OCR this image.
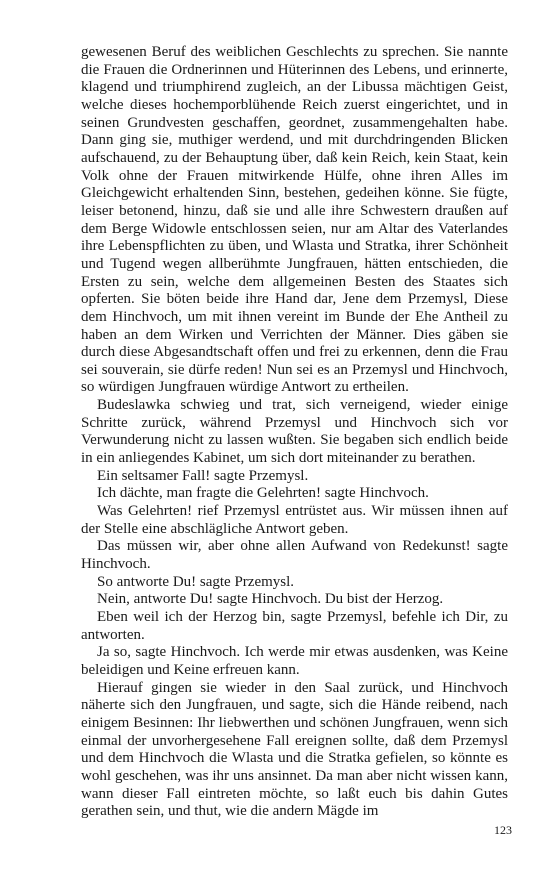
gewesenen Beruf des weiblichen Geschlechts zu sprechen. Sie nannte die Frauen die Ordnerinnen und Hüterinnen des Lebens, und erinnerte, klagend und triumphirend zugleich, an der Libussa mächtigen Geist, welche dieses hochemporblühende Reich zuerst eingerichtet, und in seinen Grundvesten geschaffen, geordnet, zusammengehalten habe. Dann ging sie, muthiger werdend, und mit durchdringenden Blicken aufschauend, zu der Behauptung über, daß kein Reich, kein Staat, kein Volk ohne der Frauen mitwirkende Hülfe, ohne ihren Alles im Gleichgewicht erhaltenden Sinn, bestehen, gedeihen könne. Sie fügte, leiser betonend, hinzu, daß sie und alle ihre Schwestern draußen auf dem Berge Widowle entschlossen seien, nur am Altar des Vaterlandes ihre Lebenspflichten zu üben, und Wlasta und Stratka, ihrer Schönheit und Tugend wegen allberühmte Jungfrauen, hätten entschieden, die Ersten zu sein, welche dem allgemeinen Besten des Staates sich opferten. Sie böten beide ihre Hand dar, Jene dem Przemysl, Diese dem Hinchvoch, um mit ihnen vereint im Bunde der Ehe Antheil zu haben an dem Wirken und Verrichten der Männer. Dies gäben sie durch diese Abgesandtschaft offen und frei zu erkennen, denn die Frau sei souverain, sie dürfe reden! Nun sei es an Przemysl und Hinchvoch, so würdigen Jungfrauen würdige Antwort zu ertheilen.

Budeslawka schwieg und trat, sich verneigend, wieder einige Schritte zurück, während Przemysl und Hinchvoch sich vor Verwunderung nicht zu lassen wußten. Sie begaben sich endlich beide in ein anliegendes Kabinet, um sich dort miteinander zu berathen.

Ein seltsamer Fall! sagte Przemysl.

Ich dächte, man fragte die Gelehrten! sagte Hinchvoch.

Was Gelehrten! rief Przemysl entrüstet aus. Wir müssen ihnen auf der Stelle eine abschlägliche Antwort geben.

Das müssen wir, aber ohne allen Aufwand von Redekunst! sagte Hinchvoch.

So antworte Du! sagte Przemysl.

Nein, antworte Du! sagte Hinchvoch. Du bist der Herzog.

Eben weil ich der Herzog bin, sagte Przemysl, befehle ich Dir, zu antworten.

Ja so, sagte Hinchvoch. Ich werde mir etwas ausdenken, was Keine beleidigen und Keine erfreuen kann.

Hierauf gingen sie wieder in den Saal zurück, und Hinchvoch näherte sich den Jungfrauen, und sagte, sich die Hände reibend, nach einigem Besinnen: Ihr liebwerthen und schönen Jungfrauen, wenn sich einmal der unvorhergesehene Fall ereignen sollte, daß dem Przemysl und dem Hinchvoch die Wlasta und die Stratka gefielen, so könnte es wohl geschehen, was ihr uns ansinnet. Da man aber nicht wissen kann, wann dieser Fall eintreten möchte, so laßt euch bis dahin Gutes gerathen sein, und thut, wie die andern Mägde im

123
